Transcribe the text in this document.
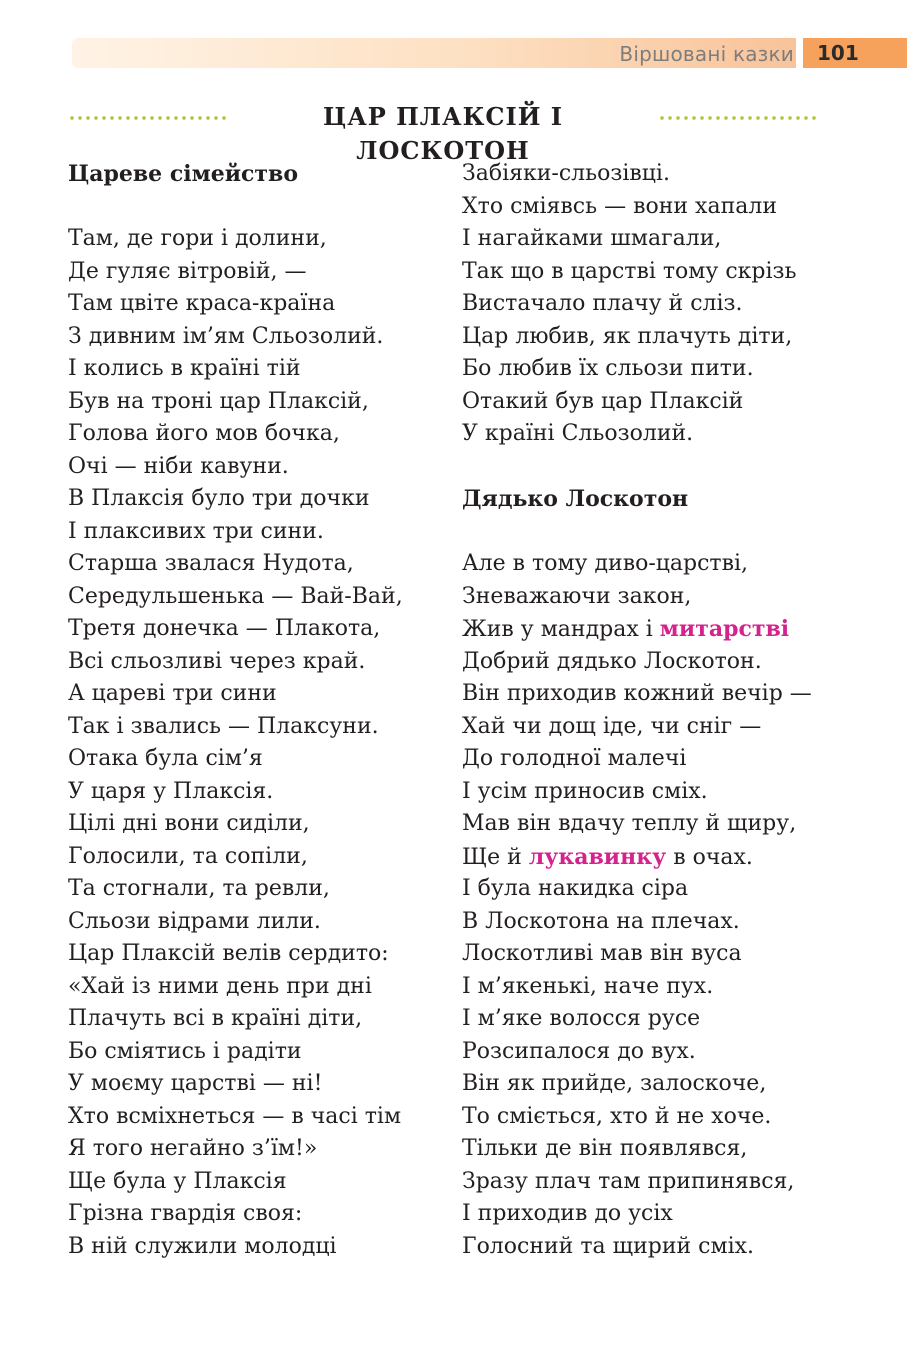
Віршовані казки	101
ЦАР ПЛАКСІЙ І ЛОСКОТОН
Цареве сімейство
Там, де гори і долини,
Де гуляє вітровій, —
Там цвіте краса-країна
З дивним ім’ям Сльозолий.
І колись в країні тій
Був на троні цар Плаксій,
Голова його мов бочка,
Очі — ніби кавуни.
В Плаксія було три дочки
І плаксивих три сини.
Старша звалася Нудота,
Середульшенька — Вай-Вай,
Третя донечка — Плакота,
Всі сльозливі через край.
А цареві три сини
Так і звались — Плаксуни.
Отака була сім’я
У царя у Плаксія.
Цілі дні вони сиділи,
Голосили, та сопіли,
Та стогнали, та ревли,
Сльози відрами лили.
Цар Плаксій велів сердито:
«Хай із ними день при дні
Плачуть всі в країні діти,
Бо сміятись і радіти
У моєму царстві — ні!
Хто всміхнеться — в часі тім
Я того негайно з’їм!»
Ще була у Плаксія
Грізна гвардія своя:
В ній служили молодці
Забіяки-сльозівці.
Хто сміявсь — вони хапали
І нагайками шмагали,
Так що в царстві тому скрізь
Вистачало плачу й сліз.
Цар любив, як плачуть діти,
Бо любив їх сльози пити.
Отакий був цар Плаксій
У країні Сльозолий.
Дядько Лоскотон
Але в тому диво-царстві,
Зневажаючи закон,
Жив у мандрах і митарстві
Добрий дядько Лоскотон.
Він приходив кожний вечір —
Хай чи дощ іде, чи сніг —
До голодної малечі
І усім приносив сміх.
Мав він вдачу теплу й щиру,
Ще й лукавинку в очах.
І була накидка сіра
В Лоскотона на плечах.
Лоскотливі мав він вуса
І м’якенькі, наче пух.
І м’яке волосся русе
Розсипалося до вух.
Він як прийде, залоскоче,
То сміється, хто й не хоче.
Тільки де він появлявся,
Зразу плач там припинявся,
І приходив до усіх
Голосний та щирий сміх.
